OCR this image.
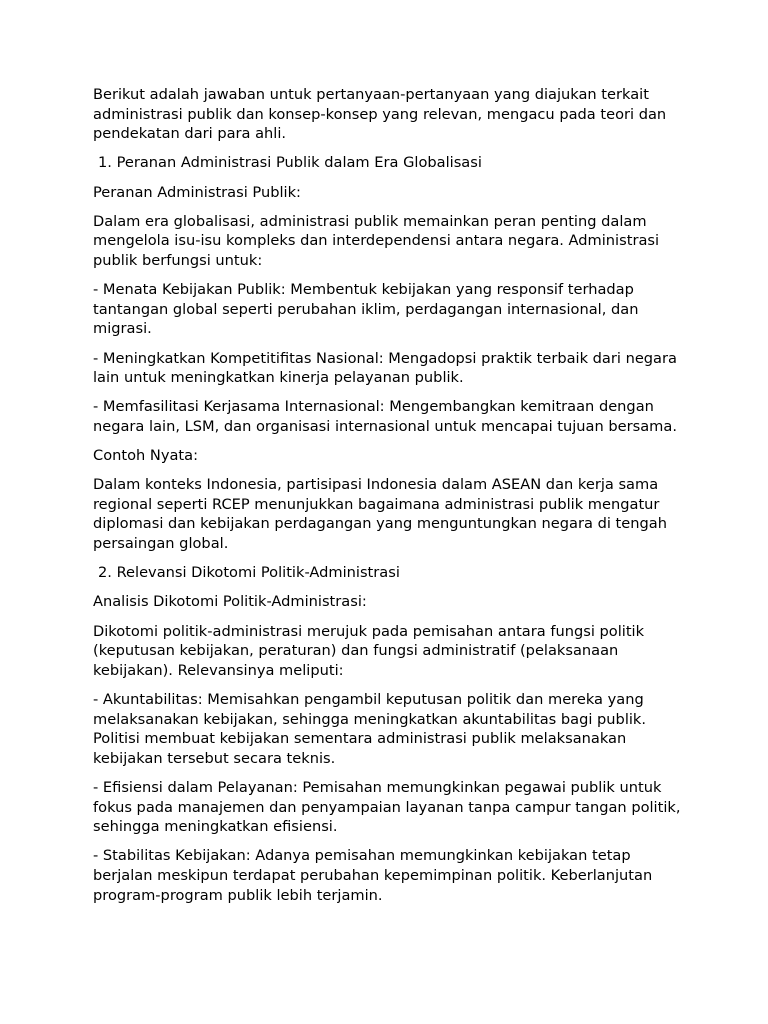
Berikut adalah jawaban untuk pertanyaan-pertanyaan yang diajukan terkait administrasi publik dan konsep-konsep yang relevan, mengacu pada teori dan pendekatan dari para ahli.

1. Peranan Administrasi Publik dalam Era Globalisasi

Peranan Administrasi Publik:

Dalam era globalisasi, administrasi publik memainkan peran penting dalam mengelola isu-isu kompleks dan interdependensi antara negara. Administrasi publik berfungsi untuk:

- Menata Kebijakan Publik: Membentuk kebijakan yang responsif terhadap tantangan global seperti perubahan iklim, perdagangan internasional, dan migrasi.

- Meningkatkan Kompetitifitas Nasional: Mengadopsi praktik terbaik dari negara lain untuk meningkatkan kinerja pelayanan publik.

- Memfasilitasi Kerjasama Internasional: Mengembangkan kemitraan dengan negara lain, LSM, dan organisasi internasional untuk mencapai tujuan bersama.

Contoh Nyata:

Dalam konteks Indonesia, partisipasi Indonesia dalam ASEAN dan kerja sama regional seperti RCEP menunjukkan bagaimana administrasi publik mengatur diplomasi dan kebijakan perdagangan yang menguntungkan negara di tengah persaingan global.

2. Relevansi Dikotomi Politik-Administrasi

Analisis Dikotomi Politik-Administrasi:

Dikotomi politik-administrasi merujuk pada pemisahan antara fungsi politik (keputusan kebijakan, peraturan) dan fungsi administratif (pelaksanaan kebijakan). Relevansinya meliputi:

- Akuntabilitas: Memisahkan pengambil keputusan politik dan mereka yang melaksanakan kebijakan, sehingga meningkatkan akuntabilitas bagi publik. Politisi membuat kebijakan sementara administrasi publik melaksanakan kebijakan tersebut secara teknis.

- Efisiensi dalam Pelayanan: Pemisahan memungkinkan pegawai publik untuk fokus pada manajemen dan penyampaian layanan tanpa campur tangan politik, sehingga meningkatkan efisiensi.

- Stabilitas Kebijakan: Adanya pemisahan memungkinkan kebijakan tetap berjalan meskipun terdapat perubahan kepemimpinan politik. Keberlanjutan program-program publik lebih terjamin.
